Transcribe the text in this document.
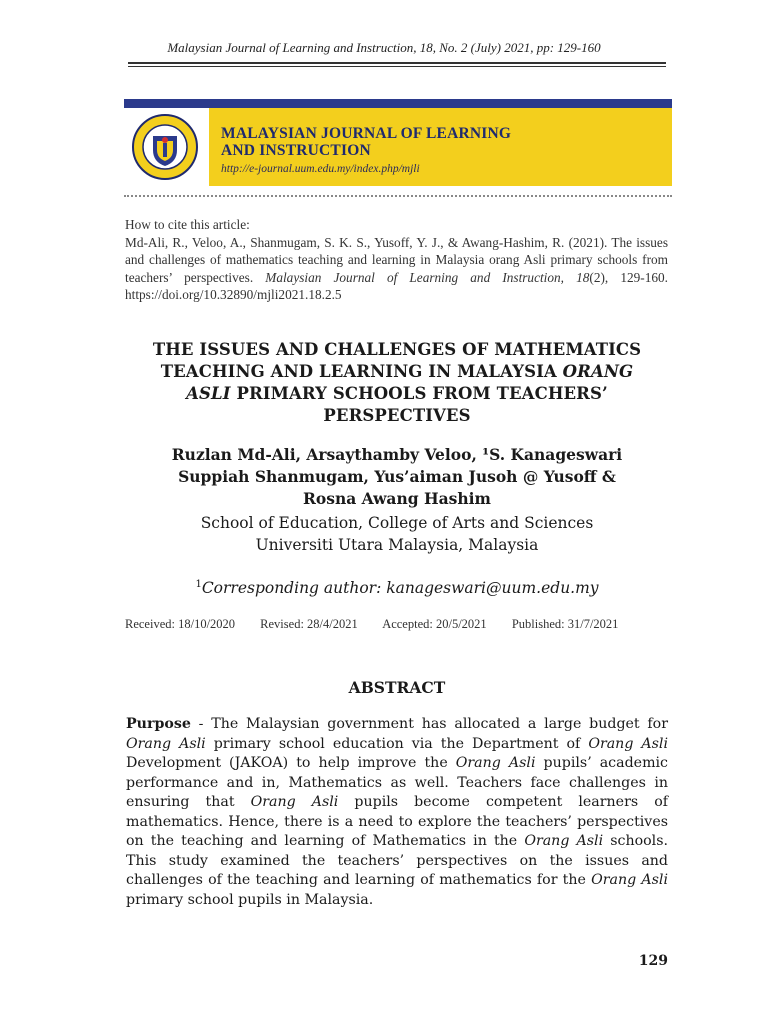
Malaysian Journal of Learning and Instruction, 18, No. 2 (July) 2021, pp: 129-160
MALAYSIAN JOURNAL OF LEARNING
AND INSTRUCTION
http://e-journal.uum.edu.my/index.php/mjli
How to cite this article:
Md-Ali, R., Veloo, A., Shanmugam, S. K. S., Yusoff, Y. J., & Awang-Hashim, R. (2021). The issues and challenges of mathematics teaching and learning in Malaysia orang Asli primary schools from teachers’ perspectives. Malaysian Journal of Learning and Instruction, 18(2), 129-160. https://doi.org/10.32890/mjli2021.18.2.5
THE ISSUES AND CHALLENGES OF MATHEMATICS
TEACHING AND LEARNING IN MALAYSIA ORANG
ASLI PRIMARY SCHOOLS FROM TEACHERS’
PERSPECTIVES
Ruzlan Md-Ali, Arsaythamby Veloo, ¹S. Kanageswari
Suppiah Shanmugam, Yus’aiman Jusoh @ Yusoff &
Rosna Awang Hashim
School of Education, College of Arts and Sciences
Universiti Utara Malaysia, Malaysia
$^1$Corresponding author: kanageswari@uum.edu.my
Received: 18/10/2020 Revised: 28/4/2021 Accepted: 20/5/2021 Published: 31/7/2021
ABSTRACT
Purpose - The Malaysian government has allocated a large budget for Orang Asli primary school education via the Department of Orang Asli Development (JAKOA) to help improve the Orang Asli pupils’ academic performance and in, Mathematics as well. Teachers face challenges in ensuring that Orang Asli pupils become competent learners of mathematics. Hence, there is a need to explore the teachers’ perspectives on the teaching and learning of Mathematics in the Orang Asli schools. This study examined the teachers’ perspectives on the issues and challenges of the teaching and learning of mathematics for the Orang Asli primary school pupils in Malaysia.
129
